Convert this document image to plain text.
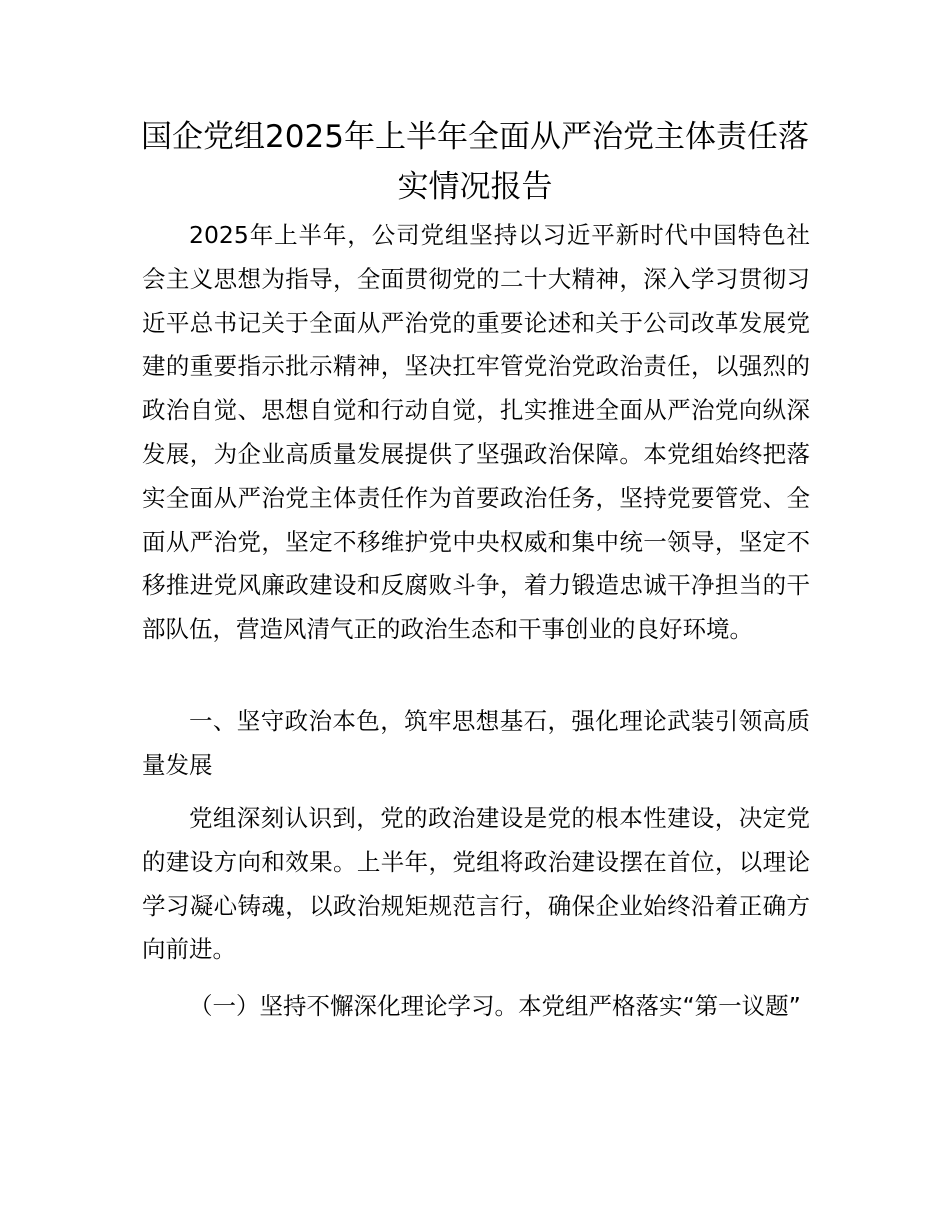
国企党组2025年上半年全面从严治党主体责任落实情况报告

2025年上半年，公司党组坚持以习近平新时代中国特色社会主义思想为指导，全面贯彻党的二十大精神，深入学习贯彻习近平总书记关于全面从严治党的重要论述和关于公司改革发展党建的重要指示批示精神，坚决扛牢管党治党政治责任，以强烈的政治自觉、思想自觉和行动自觉，扎实推进全面从严治党向纵深发展，为企业高质量发展提供了坚强政治保障。本党组始终把落实全面从严治党主体责任作为首要政治任务，坚持党要管党、全面从严治党，坚定不移维护党中央权威和集中统一领导，坚定不移推进党风廉政建设和反腐败斗争，着力锻造忠诚干净担当的干部队伍，营造风清气正的政治生态和干事创业的良好环境。

一、坚守政治本色，筑牢思想基石，强化理论武装引领高质量发展

党组深刻认识到，党的政治建设是党的根本性建设，决定党的建设方向和效果。上半年，党组将政治建设摆在首位，以理论学习凝心铸魂，以政治规矩规范言行，确保企业始终沿着正确方向前进。

（一）坚持不懈深化理论学习。本党组严格落实“第一议题”
